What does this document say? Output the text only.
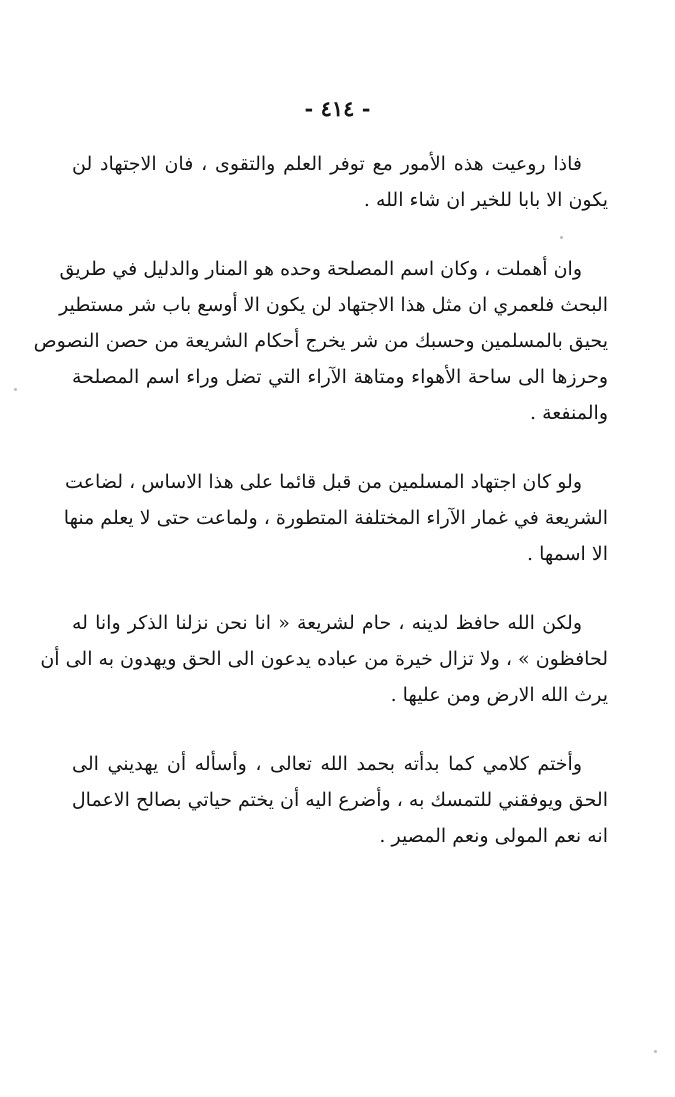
- ٤١٤ -

فاذا روعيت هذه الأمور مع توفر العلم والتقوى ، فان الاجتهاد لن
يكون الا بابا للخير ان شاء الله .

وان أهملت ، وكان اسم المصلحة وحده هو المنار والدليل في طريق
البحث فلعمري ان مثل هذا الاجتهاد لن يكون الا أوسع باب شر مستطير
يحيق بالمسلمين وحسبك من شر يخرج أحكام الشريعة من حصن النصوص
وحرزها الى ساحة الأهواء ومتاهة الآراء التي تضل وراء اسم المصلحة
والمنفعة .

ولو كان اجتهاد المسلمين من قبل قائما على هذا الاساس ، لضاعت
الشريعة في غمار الآراء المختلفة المتطورة ، ولماعت حتى لا يعلم منها
الا اسمها .

ولكن الله حافظ لدينه ، حام لشريعة « انا نحن نزلنا الذكر وانا له
لحافظون » ، ولا تزال خيرة من عباده يدعون الى الحق ويهدون به الى أن
يرث الله الارض ومن عليها .

وأختم كلامي كما بدأته بحمد الله تعالى ، وأسأله أن يهديني الى
الحق ويوفقني للتمسك به ، وأضرع اليه أن يختم حياتي بصالح الاعمال
انه نعم المولى ونعم المصير .
